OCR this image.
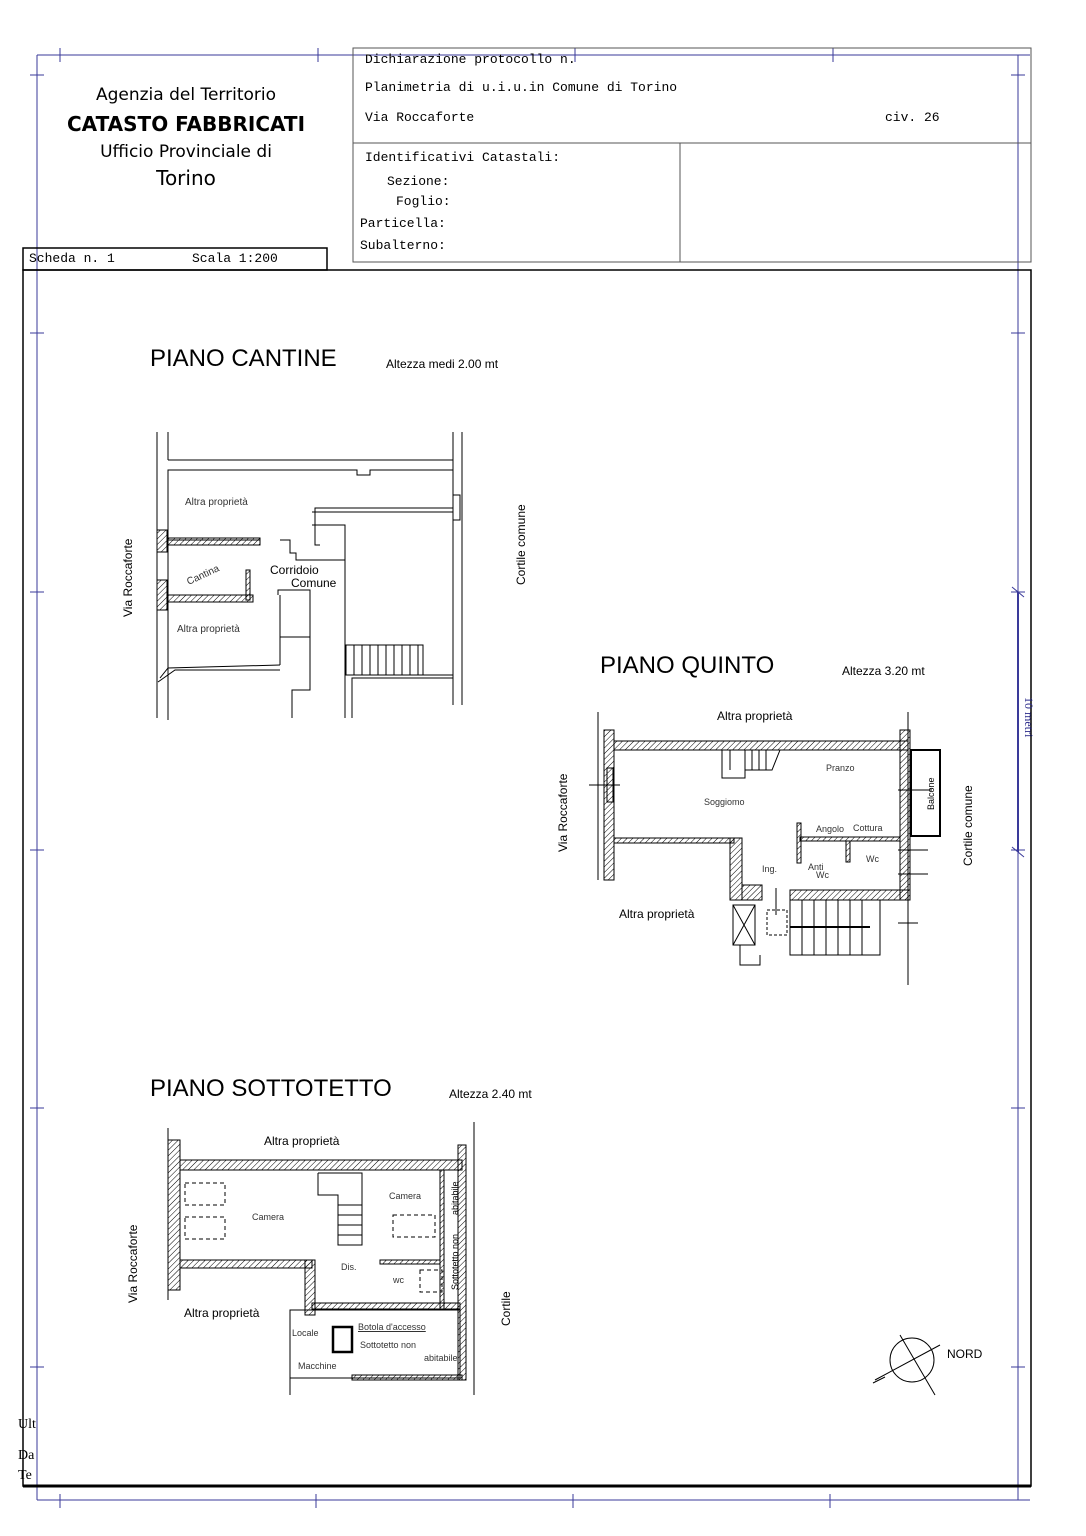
Agenzia del Territorio
CATASTO FABBRICATI
Ufficio Provinciale di
Torino
Dichiarazione protocollo n.
Planimetria di u.i.u.in Comune di Torino
Via Roccaforte	civ. 26
Identificativi Catastali:
Sezione:
Foglio:
Particella:
Subalterno:
Scheda n. 1	Scala 1:200
PIANO CANTINE	Altezza medi 2.00 mt
Altra proprietà
Cantina	Corridoio
Comune
Altra proprietà
Via Roccaforte	Cortile comune
PIANO QUINTO	Altezza 3.20 mt
Altra proprietà
Pranzo
Soggiomo	Balcone
Angolo Cottura
Ing.	Anti
Wc
Wc
Altra proprietà
Via Roccaforte	Cortile comune
PIANO SOTTOTETTO	Altezza 2.40 mt
Altra proprietà
Camera
Camera
Dis.
wc
abitabile
Sottotetto non
Altra proprietà
Locale
Macchine
Botola d'accesso
Sottotetto non
abitabile
Via Roccaforte
Cortile
10 metri
NORD
Ult
Da
Te
